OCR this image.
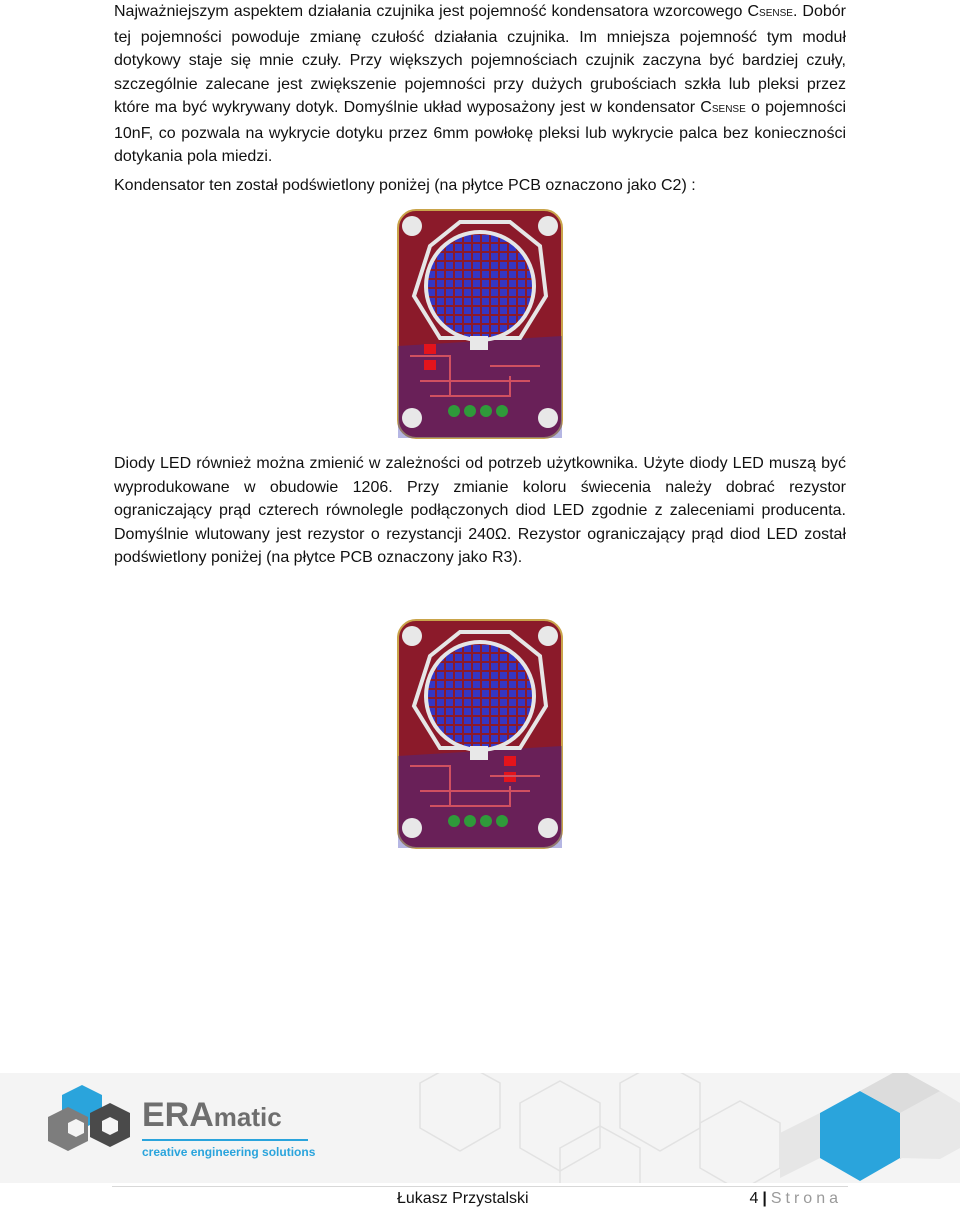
Najważniejszym aspektem działania czujnika jest pojemność kondensatora wzorcowego CSENSE. Dobór tej pojemności powoduje zmianę czułość działania czujnika. Im mniejsza pojemność tym moduł dotykowy staje się mnie czuły. Przy większych pojemnościach czujnik zaczyna być bardziej czuły, szczególnie zalecane jest zwiększenie pojemności przy dużych grubościach szkła lub pleksi przez które ma być wykrywany dotyk. Domyślnie układ wyposażony jest w kondensator CSENSE o pojemności 10nF, co pozwala na wykrycie dotyku przez 6mm powłokę pleksi lub wykrycie palca bez konieczności dotykania pola miedzi.

Kondensator ten został podświetlony poniżej (na płytce PCB oznaczono jako C2) :

Diody LED również można zmienić w zależności od potrzeb użytkownika. Użyte diody LED muszą być wyprodukowane w obudowie 1206. Przy zmianie koloru świecenia należy dobrać rezystor ograniczający prąd czterech równolegle podłączonych diod LED zgodnie z zaleceniami producenta. Domyślnie wlutowany jest rezystor o rezystancji 240Ω. Rezystor ograniczający prąd diod LED został podświetlony poniżej (na płytce PCB oznaczony jako R3).

ERAmatic
creative engineering solutions
Łukasz Przystalski	4 | Strona
